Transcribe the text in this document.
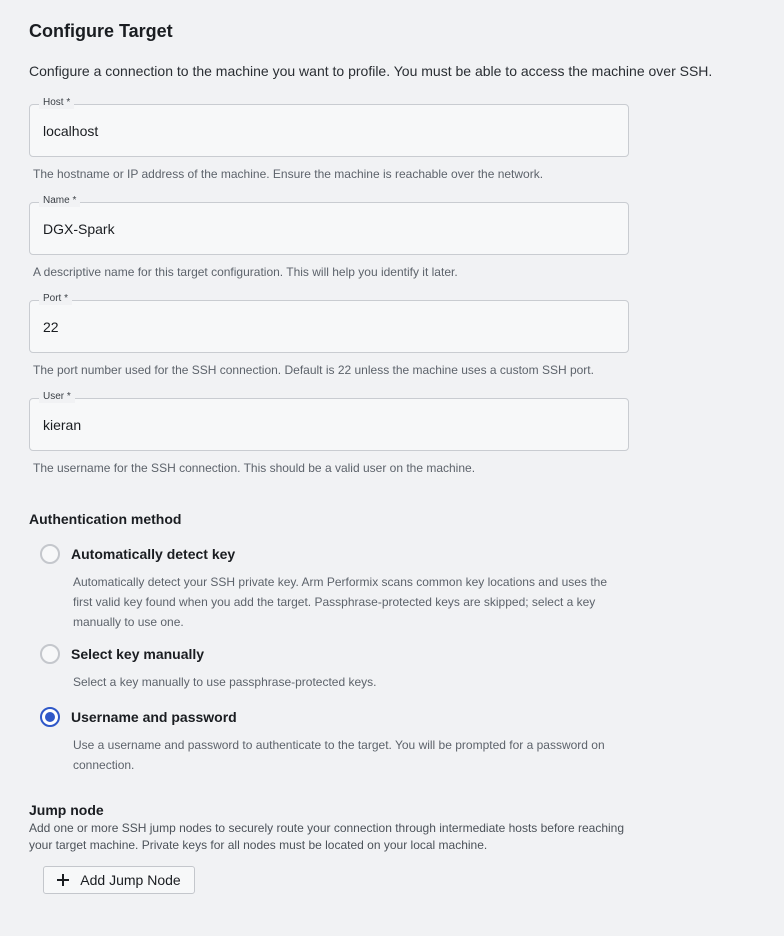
Configure Target

Configure a connection to the machine you want to profile. You must be able to access the machine over SSH.

localhost
Host *

The hostname or IP address of the machine. Ensure the machine is reachable over the network.

DGX-Spark
Name *

A descriptive name for this target configuration. This will help you identify it later.

22
Port *

The port number used for the SSH connection. Default is 22 unless the machine uses a custom SSH port.

kieran
User *

The username for the SSH connection. This should be a valid user on the machine.

Authentication method
Automatically detect key

Automatically detect your SSH private key. Arm Performix scans common key locations and uses the first valid key found when you add the target. Passphrase-protected keys are skipped; select a key manually to use one.

Select key manually

Select a key manually to use passphrase-protected keys.

Username and password

Use a username and password to authenticate to the target. You will be prompted for a password on connection.

Jump node

Add one or more SSH jump nodes to securely route your connection through intermediate hosts before reaching your target machine. Private keys for all nodes must be located on your local machine.

Add Jump Node
